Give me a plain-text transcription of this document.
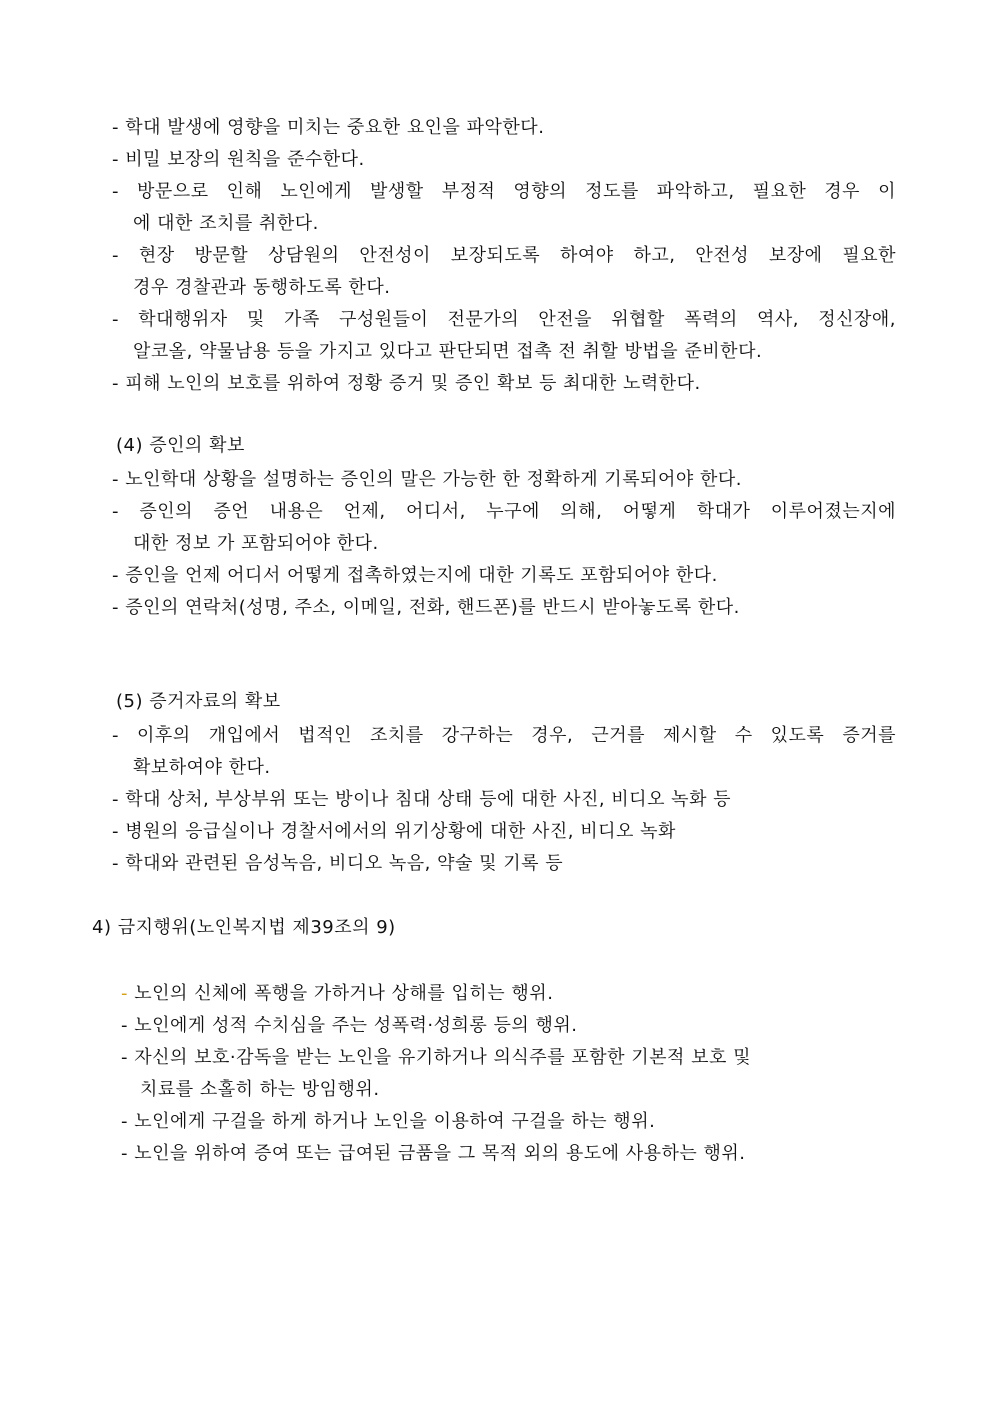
- 학대 발생에 영향을 미치는 중요한 요인을 파악한다.
- 비밀 보장의 원칙을 준수한다.
- 방문으로 인해 노인에게 발생할 부정적 영향의 정도를 파악하고, 필요한 경우 이
에 대한 조치를 취한다.
- 현장 방문할 상담원의 안전성이 보장되도록 하여야 하고, 안전성 보장에 필요한
경우 경찰관과 동행하도록 한다.
- 학대행위자 및 가족 구성원들이 전문가의 안전을 위협할 폭력의 역사, 정신장애,
알코올, 약물남용 등을 가지고 있다고 판단되면 접촉 전 취할 방법을 준비한다.
- 피해 노인의 보호를 위하여 정황 증거 및 증인 확보 등 최대한 노력한다.
(4) 증인의 확보
- 노인학대 상황을 설명하는 증인의 말은 가능한 한 정확하게 기록되어야 한다.
- 증인의 증언 내용은 언제, 어디서, 누구에 의해, 어떻게 학대가 이루어졌는지에
대한 정보 가 포함되어야 한다.
- 증인을 언제 어디서 어떻게 접촉하였는지에 대한 기록도 포함되어야 한다.
- 증인의 연락처(성명, 주소, 이메일, 전화, 핸드폰)를 반드시 받아놓도록 한다.
(5) 증거자료의 확보
- 이후의 개입에서 법적인 조치를 강구하는 경우, 근거를 제시할 수 있도록 증거를
확보하여야 한다.
- 학대 상처, 부상부위 또는 방이나 침대 상태 등에 대한 사진, 비디오 녹화 등
- 병원의 응급실이나 경찰서에서의 위기상황에 대한 사진, 비디오 녹화
- 학대와 관련된 음성녹음, 비디오 녹음, 약술 및 기록 등
4) 금지행위(노인복지법 제39조의 9)
- 노인의 신체에 폭행을 가하거나 상해를 입히는 행위.
- 노인에게 성적 수치심을 주는 성폭력·성희롱 등의 행위.
- 자신의 보호·감독을 받는 노인을 유기하거나 의식주를 포함한 기본적 보호 및
치료를 소홀히 하는 방임행위.
- 노인에게 구걸을 하게 하거나 노인을 이용하여 구걸을 하는 행위.
- 노인을 위하여 증여 또는 급여된 금품을 그 목적 외의 용도에 사용하는 행위.
